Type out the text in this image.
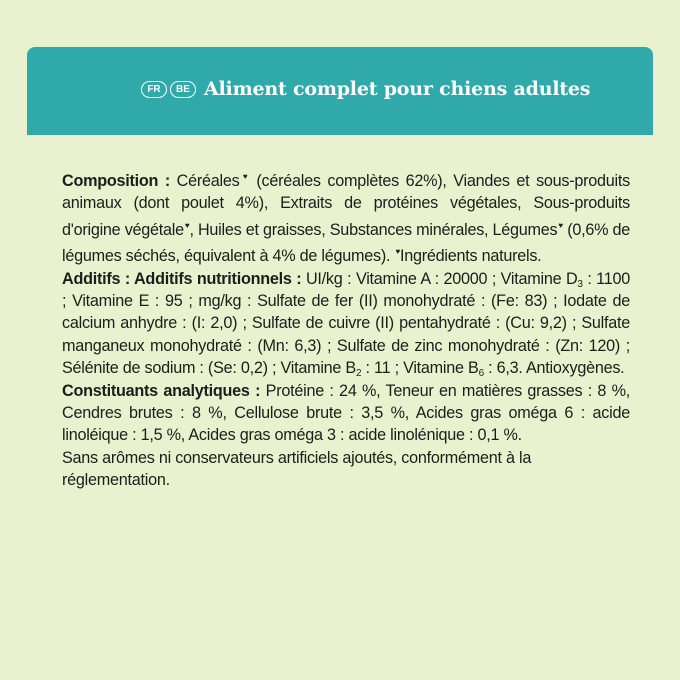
FR	BE Aliment complet pour chiens adultes

Composition : Céréales♥ (céréales complètes 62%), Viandes et sous-produits animaux (dont poulet 4%), Extraits de protéines végétales, Sous-produits d'origine végétale♥, Huiles et graisses, Substances minérales, Légumes♥ (0,6% de légumes séchés, équivalent à 4% de légumes). ♥Ingrédients naturels.

Additifs : Additifs nutritionnels : UI/kg : Vitamine A : 20000 ; Vitamine $D_3$ : 1100 ; Vitamine E : 95 ; mg/kg : Sulfate de fer (II) monohydraté : (Fe: 83) ; Iodate de calcium anhydre : (I: 2,0) ; Sulfate de cuivre (II) pentahydraté : (Cu: 9,2) ; Sulfate manganeux monohydraté : (Mn: 6,3) ; Sulfate de zinc monohydraté : (Zn: 120) ; Sélénite de sodium : (Se: 0,2) ; Vitamine $B_2$ : 11 ; Vitamine $B_6$ : 6,3. Antioxygènes.

Constituants analytiques : Protéine : 24 %, Teneur en matières grasses : 8 %, Cendres brutes : 8 %, Cellulose brute : 3,5 %, Acides gras oméga 6 : acide linoléique : 1,5 %, Acides gras oméga 3 : acide linolénique : 0,1 %.

Sans arômes ni conservateurs artificiels ajoutés, conformément à la réglementation.
